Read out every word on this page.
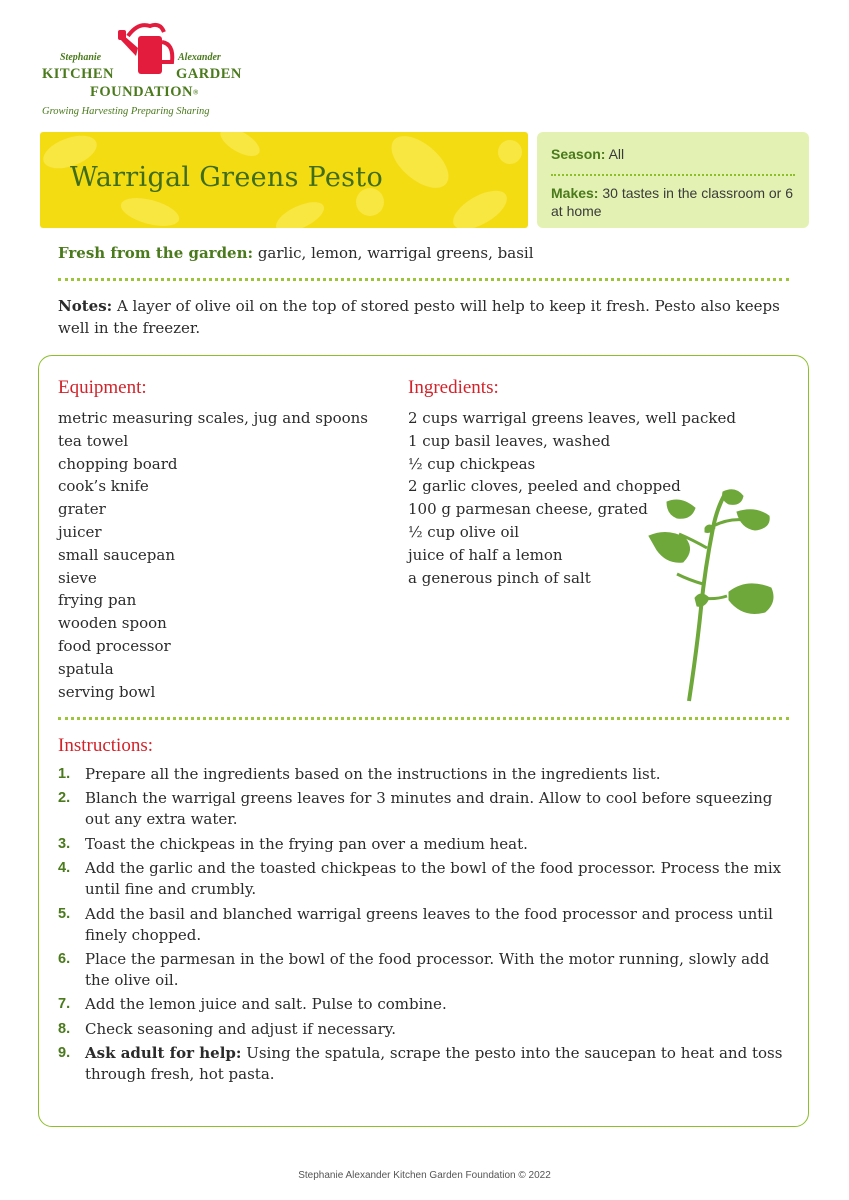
Stephanie	Alexander
KITCHEN	GARDEN
FOUNDATION®
Growing Harvesting Preparing Sharing
Warrigal Greens Pesto
Season: All
Makes: 30 tastes in the classroom or 6 at home
Fresh from the garden: garlic, lemon, warrigal greens, basil
Notes: A layer of olive oil on the top of stored pesto will help to keep it fresh. Pesto also keeps well in the freezer.
Equipment:
metric measuring scales, jug and spoons
tea towel
chopping board
cook’s knife
grater
juicer
small saucepan
sieve
frying pan
wooden spoon
food processor
spatula
serving bowl
Ingredients:
2 cups warrigal greens leaves, well packed
1 cup basil leaves, washed
½ cup chickpeas
2 garlic cloves, peeled and chopped
100 g parmesan cheese, grated
½ cup olive oil
juice of half a lemon
a generous pinch of salt
Instructions:
1. Prepare all the ingredients based on the instructions in the ingredients list.
2. Blanch the warrigal greens leaves for 3 minutes and drain. Allow to cool before squeezing out any extra water.
3. Toast the chickpeas in the frying pan over a medium heat.
4. Add the garlic and the toasted chickpeas to the bowl of the food processor. Process the mix until fine and crumbly.
5. Add the basil and blanched warrigal greens leaves to the food processor and process until finely chopped.
6. Place the parmesan in the bowl of the food processor. With the motor running, slowly add the olive oil.
7. Add the lemon juice and salt. Pulse to combine.
8. Check seasoning and adjust if necessary.
9. Ask adult for help: Using the spatula, scrape the pesto into the saucepan to heat and toss through fresh, hot pasta.
Stephanie Alexander Kitchen Garden Foundation © 2022
